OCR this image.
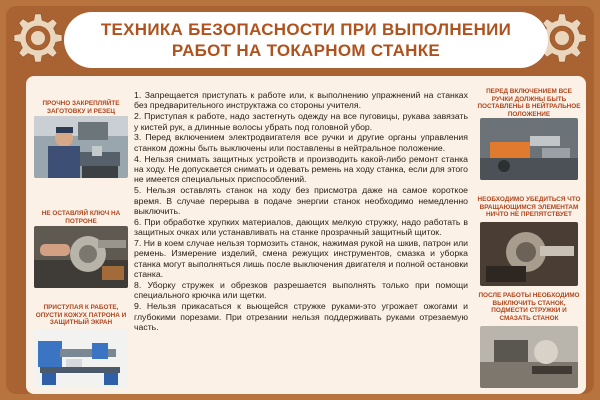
ТЕХНИКА БЕЗОПАСНОСТИ ПРИ ВЫПОЛНЕНИИ
РАБОТ НА ТОКАРНОМ СТАНКЕ
ПРОЧНО ЗАКРЕПЛЯЙТЕ ЗАГОТОВКУ И РЕЗЕЦ
НЕ ОСТАВЛЯЙ КЛЮЧ НА ПОТРОНЕ
ПРИСТУПАЯ К РАБОТЕ, ОПУСТИ КОЖУХ ПАТРОНА И ЗАЩИТНЫЙ ЭКРАН

1. Запрещается приступать к работе или, к выполнению упражнений на станках без предварительного инструктажа со стороны учителя.

2. Приступая к работе, надо застегнуть одежду на все пуговицы, рукава завязать у кистей рук, а длинные волосы убрать под головной убор.

3. Перед включением электродвигателя все ручки и другие органы управления станком дожны быть выключены или поставлены в нейтральное положение.

4. Нельзя снимать защитных устройств и производить какой-либо ремонт станка на ходу. Не допускается снимать и одевать ремень на ходу станка, если для этого не имеется специальных приспособлений.

5. Нельзя оставлять станок на ходу без присмотра даже на самое короткое время. В случае перерыва в подаче энергии станок необходимо немедленно выключить.

6. При обработке хрупких материалов, дающих мелкую стружку, надо работать в защитных очках или устанавливать на станке прозрачный защитный щиток.

7. Ни в коем случае нельзя тормозить станок, нажимая рукой на шкив, патрон или ремень. Измерение изделий, смена режущих инструментов, смазка и уборка станка могут выполняться лишь после выключения двигателя и полной остановки станка.

8. Уборку стружек и обрезков разрешается выполнять только при помощи специального крючка или щетки.

9. Нельзя прикасаться к вьющейся стружке руками-это угрожает ожогами и глубокими порезами. При отрезании нельзя поддерживать руками отрезаемую часть.

ПЕРЕД ВКЛЮЧЕНИЕМ ВСЕ РУЧКИ ДОЛЖНЫ БЫТЬ ПОСТАВЛЕНЫ В НЕЙТРАЛЬНОЕ ПОЛОЖЕНИЕ
НЕОБХОДИМО УБЕДИТЬСЯ ЧТО ВРАЩАЮЩИМСЯ ЭЛЕМЕНТАМ НИЧТО НЕ ПРЕПЯТСТВУЕТ
ПОСЛЕ РАБОТЫ НЕОБХОДИМО ВЫКЛЮЧИТЬ СТАНОК, ПОДМЕСТИ СТРУЖКИ И СМАЗАТЬ СТАНОК
